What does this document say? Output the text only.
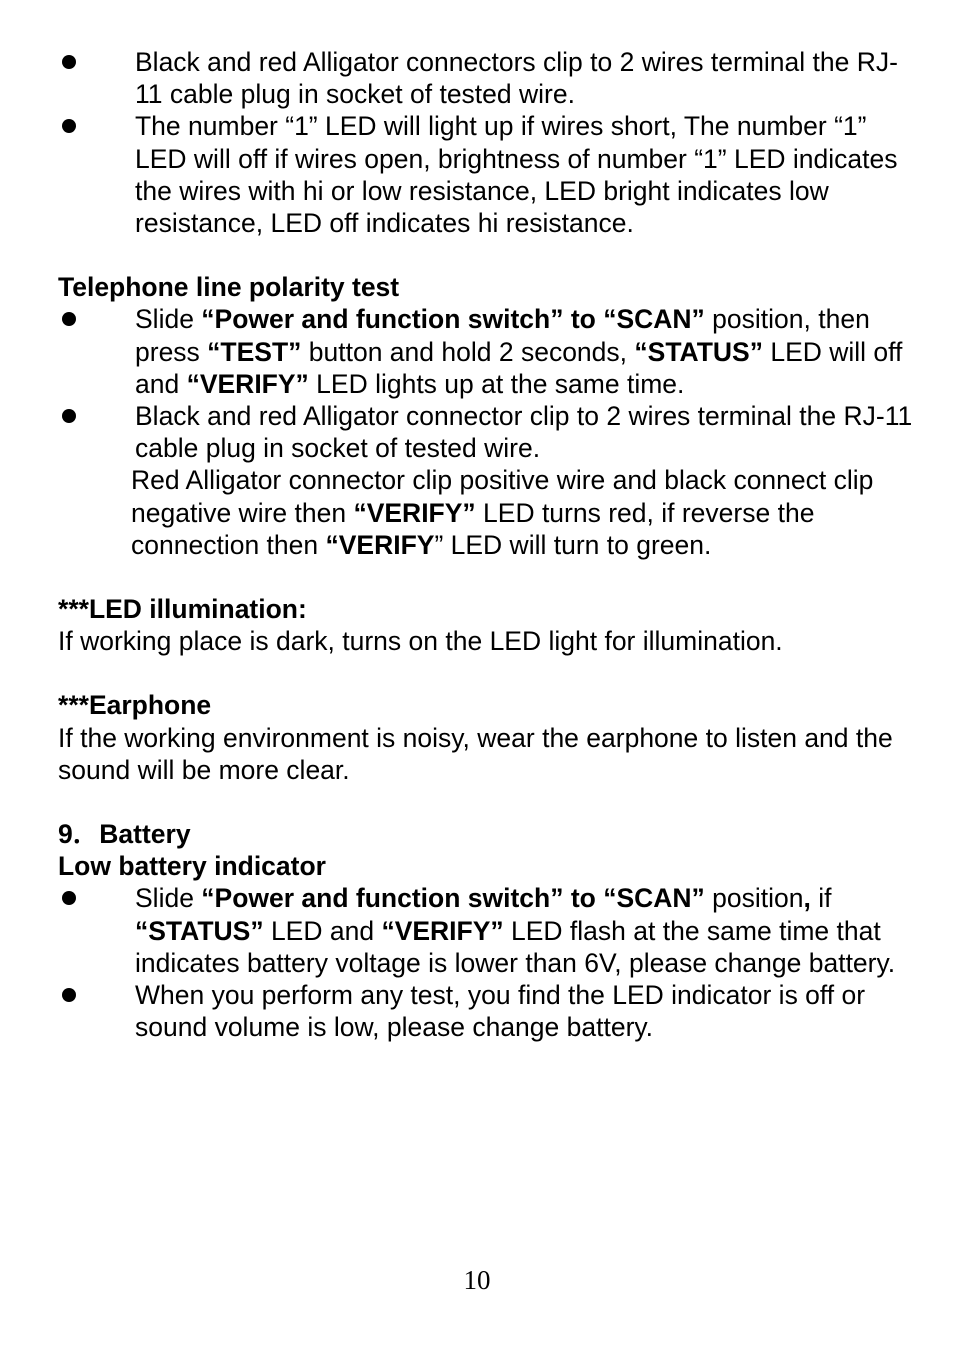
Black and red Alligator connectors clip to 2 wires terminal the RJ-11 cable plug in socket of tested wire.

The number “1” LED will light up if wires short, The number “1” LED will off if wires open, brightness of number “1” LED indicates the wires with hi or low resistance, LED bright indicates low resistance, LED off indicates hi resistance.

Telephone line polarity test

Slide “Power and function switch” to “SCAN” position, then press “TEST” button and hold 2 seconds, “STATUS” LED will off and “VERIFY” LED lights up at the same time.

Black and red Alligator connector clip to 2 wires terminal the RJ-11 cable plug in socket of tested wire.

Red Alligator connector clip positive wire and black connect clip negative wire then “VERIFY” LED turns red, if reverse the connection then “VERIFY” LED will turn to green.

***LED illumination:

If working place is dark, turns on the LED light for illumination.

***Earphone

If the working environment is noisy, wear the earphone to listen and the sound will be more clear.

9．Battery

Low battery indicator

Slide “Power and function switch” to “SCAN” position, if “STATUS” LED and “VERIFY” LED flash at the same time that indicates battery voltage is lower than 6V, please change battery.

When you perform any test, you find the LED indicator is off or sound volume is low, please change battery.

10
